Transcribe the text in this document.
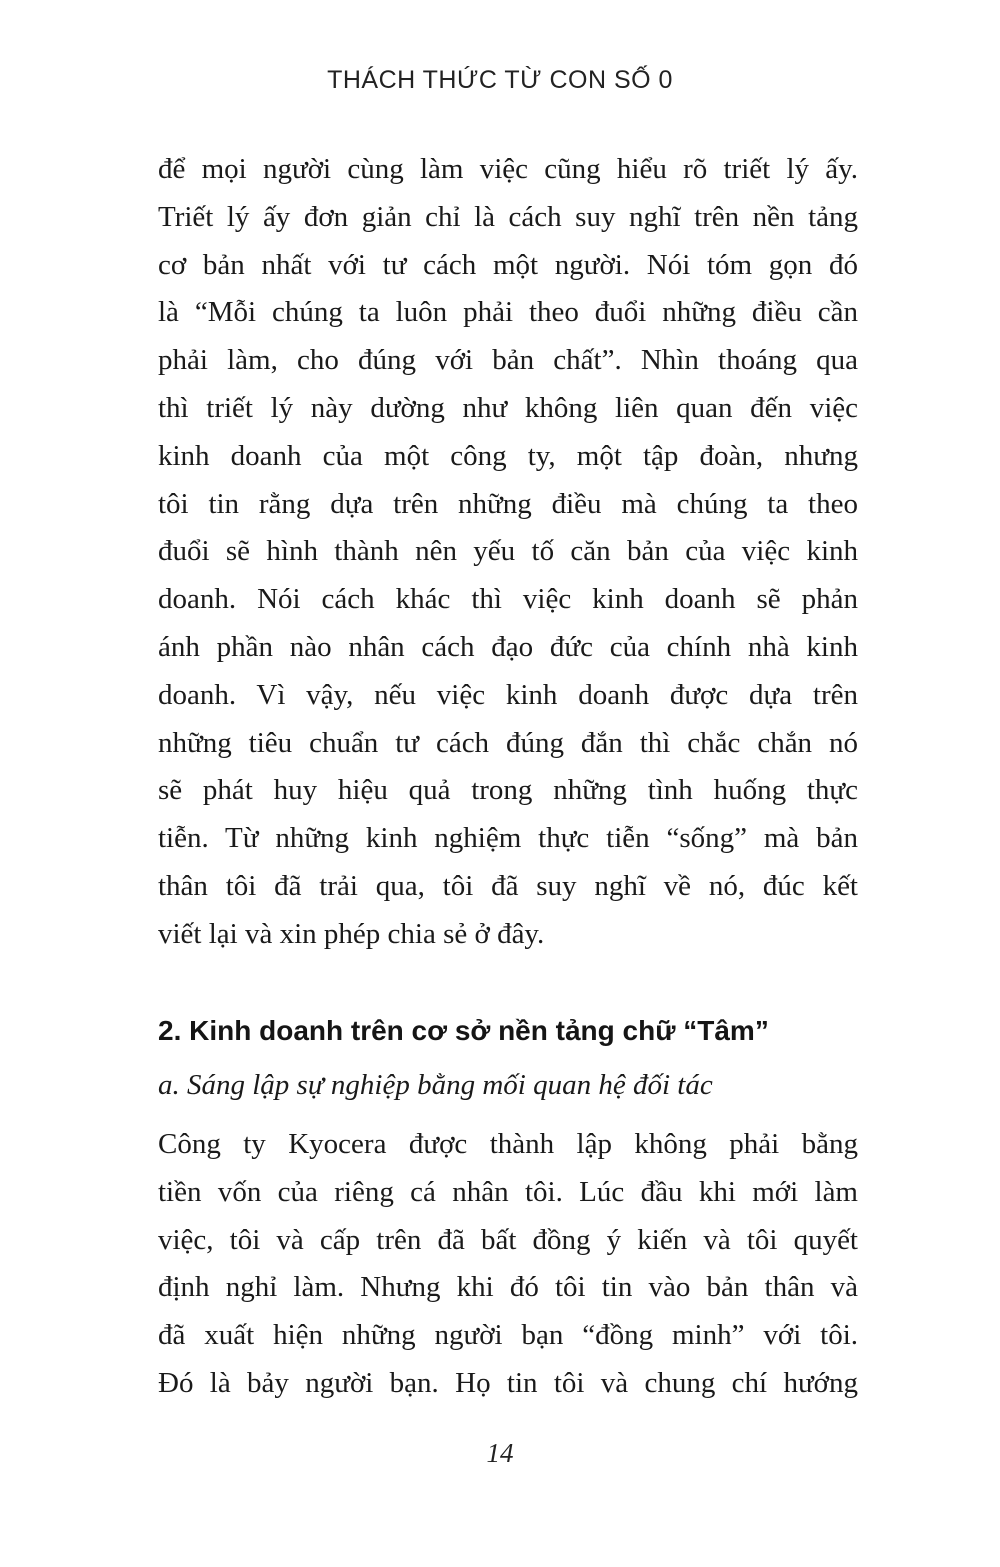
THÁCH THỨC TỪ CON SỐ 0
để mọi người cùng làm việc cũng hiểu rõ triết lý ấy.
Triết lý ấy đơn giản chỉ là cách suy nghĩ trên nền tảng
cơ bản nhất với tư cách một người. Nói tóm gọn đó
là “Mỗi chúng ta luôn phải theo đuổi những điều cần
phải làm, cho đúng với bản chất”. Nhìn thoáng qua
thì triết lý này dường như không liên quan đến việc
kinh doanh của một công ty, một tập đoàn, nhưng
tôi tin rằng dựa trên những điều mà chúng ta theo
đuổi sẽ hình thành nên yếu tố căn bản của việc kinh
doanh. Nói cách khác thì việc kinh doanh sẽ phản
ánh phần nào nhân cách đạo đức của chính nhà kinh
doanh. Vì vậy, nếu việc kinh doanh được dựa trên
những tiêu chuẩn tư cách đúng đắn thì chắc chắn nó
sẽ phát huy hiệu quả trong những tình huống thực
tiễn. Từ những kinh nghiệm thực tiễn “sống” mà bản
thân tôi đã trải qua, tôi đã suy nghĩ về nó, đúc kết
viết lại và xin phép chia sẻ ở đây.
2. Kinh doanh trên cơ sở nền tảng chữ “Tâm”
a. Sáng lập sự nghiệp bằng mối quan hệ đối tác
Công ty Kyocera được thành lập không phải bằng
tiền vốn của riêng cá nhân tôi. Lúc đầu khi mới làm
việc, tôi và cấp trên đã bất đồng ý kiến và tôi quyết
định nghỉ làm. Nhưng khi đó tôi tin vào bản thân và
đã xuất hiện những người bạn “đồng minh” với tôi.
Đó là bảy người bạn. Họ tin tôi và chung chí hướng
14
